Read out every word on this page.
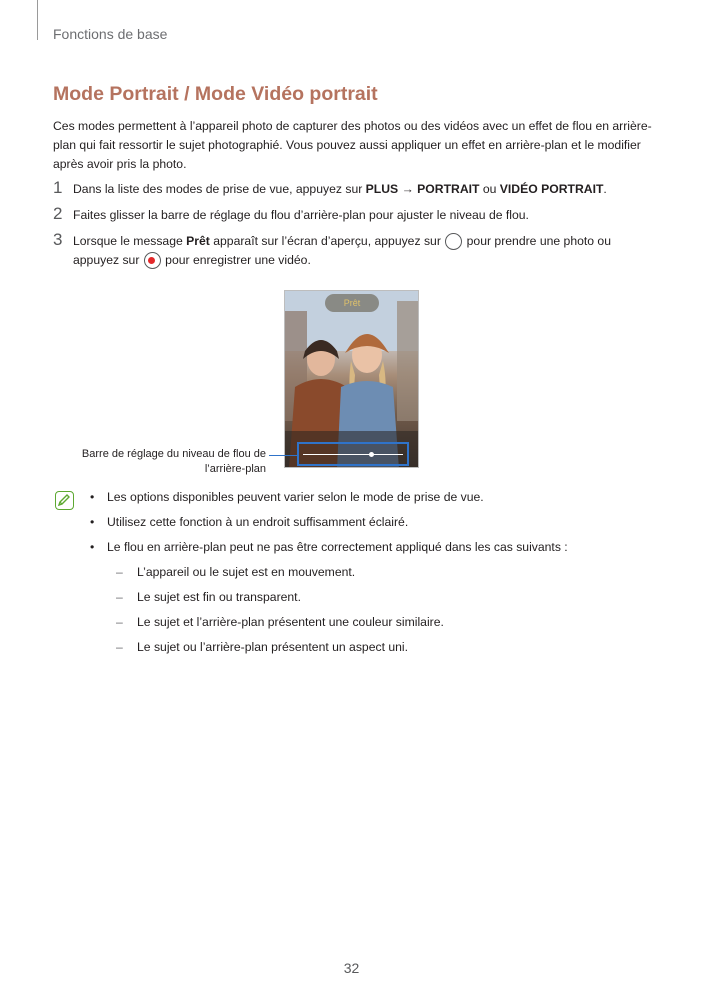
Fonctions de base
Mode Portrait / Mode Vidéo portrait
Ces modes permettent à l’appareil photo de capturer des photos ou des vidéos avec un effet de flou en arrière-plan qui fait ressortir le sujet photographié. Vous pouvez aussi appliquer un effet en arrière-plan et le modifier après avoir pris la photo.
1 Dans la liste des modes de prise de vue, appuyez sur PLUS → PORTRAIT ou VIDÉO PORTRAIT.
2 Faites glisser la barre de réglage du flou d’arrière-plan pour ajuster le niveau de flou.
3 Lorsque le message Prêt apparaît sur l’écran d’aperçu, appuyez sur  pour prendre une photo ou appuyez sur  pour enregistrer une vidéo.
Prêt
Barre de réglage du niveau de flou de l’arrière-plan
• Les options disponibles peuvent varier selon le mode de prise de vue.
• Utilisez cette fonction à un endroit suffisamment éclairé.
• Le flou en arrière-plan peut ne pas être correctement appliqué dans les cas suivants :
– L’appareil ou le sujet est en mouvement.
– Le sujet est fin ou transparent.
– Le sujet et l’arrière-plan présentent une couleur similaire.
– Le sujet ou l’arrière-plan présentent un aspect uni.
32
